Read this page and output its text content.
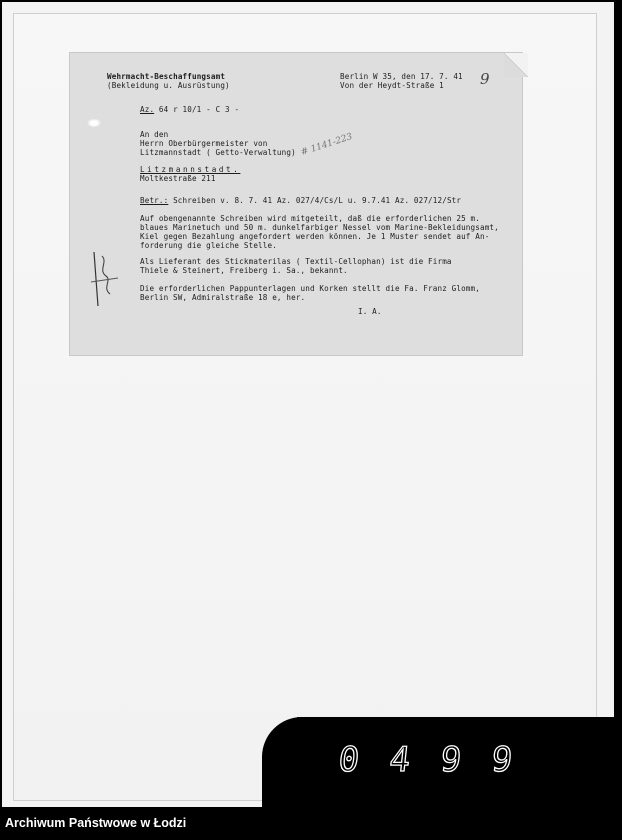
Wehrmacht-Beschaffungsamt
(Bekleidung u. Ausrüstung)
Berlin W 35, den 17. 7. 41
Von der Heydt-Straße 1 9
Az. 64 r 10/1 - C 3 -
An den
Herrn Oberbürgermeister von
Litzmannstadt ( Getto-Verwaltung) # 1141-223
Litzmannstadt.
Moltkestraße 211
Betr.: Schreiben v. 8. 7. 41 Az. 027/4/Cs/L u. 9.7.41 Az. 027/12/Str
Auf obengenannte Schreiben wird mitgeteilt, daß die erforderlichen 25 m.
blaues Marinetuch und 50 m. dunkelfarbiger Nessel vom Marine-Bekleidungsamt,
Kiel gegen Bezahlung angefordert werden können. Je 1 Muster sendet auf An-
forderung die gleiche Stelle.
Als Lieferant des Stickmaterilas ( Textil-Cellophan) ist die Firma
Thiele & Steinert, Freiberg i. Sa., bekannt.
Die erforderlichen Pappunterlagen und Korken stellt die Fa. Franz Glomm,
Berlin SW, Admiralstraße 18 e, her.
I. A.
0 4 9 9
Archiwum Państwowe w Łodzi
